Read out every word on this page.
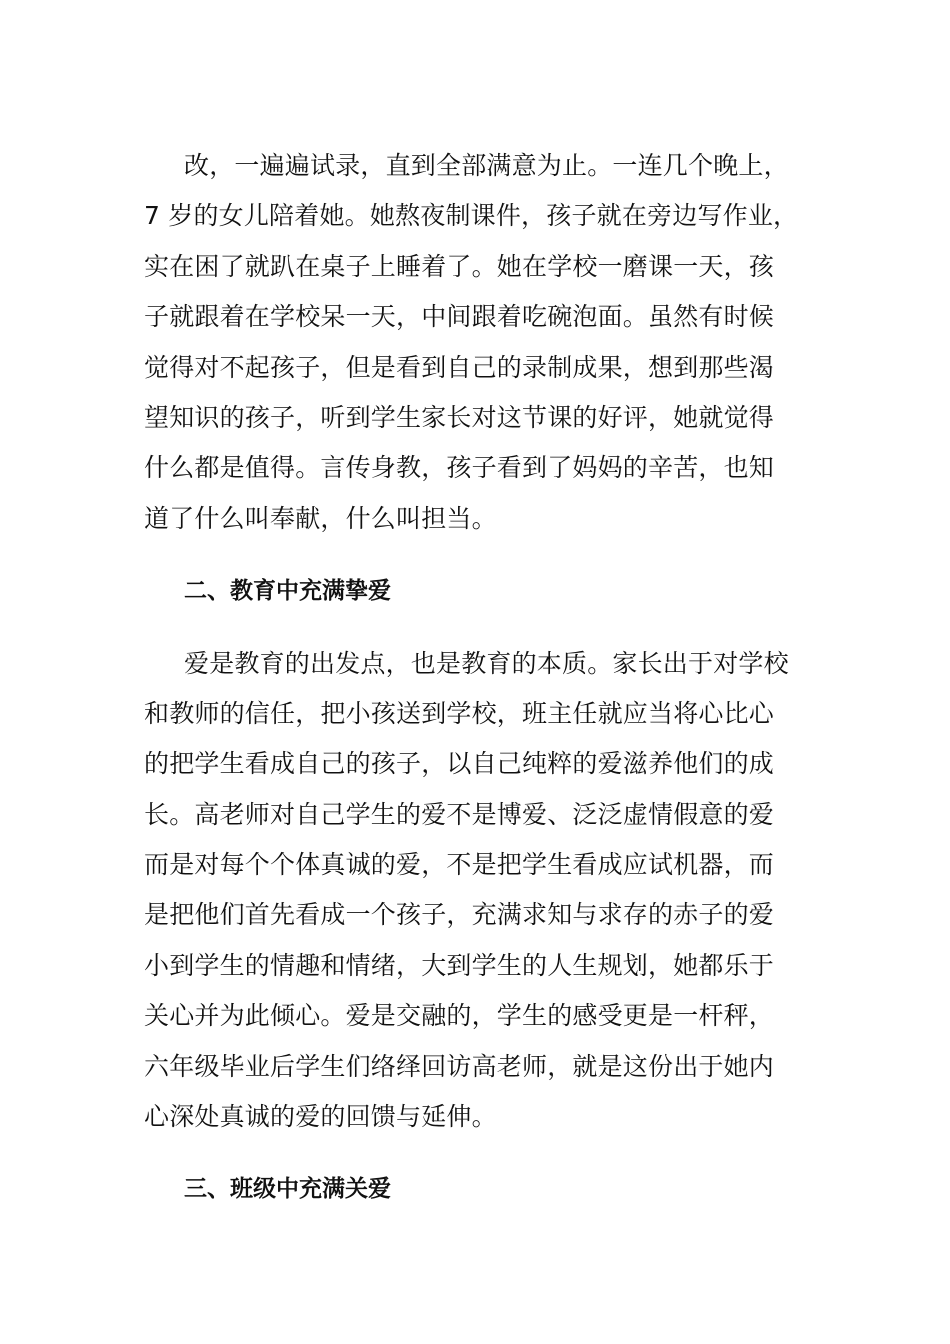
改，一遍遍试录，直到全部满意为止。一连几个晚上，
7 岁的女儿陪着她。她熬夜制课件，孩子就在旁边写作业，
实在困了就趴在桌子上睡着了。她在学校一磨课一天，孩
子就跟着在学校呆一天，中间跟着吃碗泡面。虽然有时候
觉得对不起孩子，但是看到自己的录制成果，想到那些渴
望知识的孩子，听到学生家长对这节课的好评，她就觉得
什么都是值得。言传身教，孩子看到了妈妈的辛苦，也知
道了什么叫奉献，什么叫担当。
二、教育中充满挚爱
爱是教育的出发点，也是教育的本质。家长出于对学校
和教师的信任，把小孩送到学校，班主任就应当将心比心
的把学生看成自己的孩子，以自己纯粹的爱滋养他们的成
长。高老师对自己学生的爱不是博爱、泛泛虚情假意的爱
而是对每个个体真诚的爱，不是把学生看成应试机器，而
是把他们首先看成一个孩子，充满求知与求存的赤子的爱
小到学生的情趣和情绪，大到学生的人生规划，她都乐于
关心并为此倾心。爱是交融的，学生的感受更是一杆秤，
六年级毕业后学生们络绎回访高老师，就是这份出于她内
心深处真诚的爱的回馈与延伸。
三、班级中充满关爱
